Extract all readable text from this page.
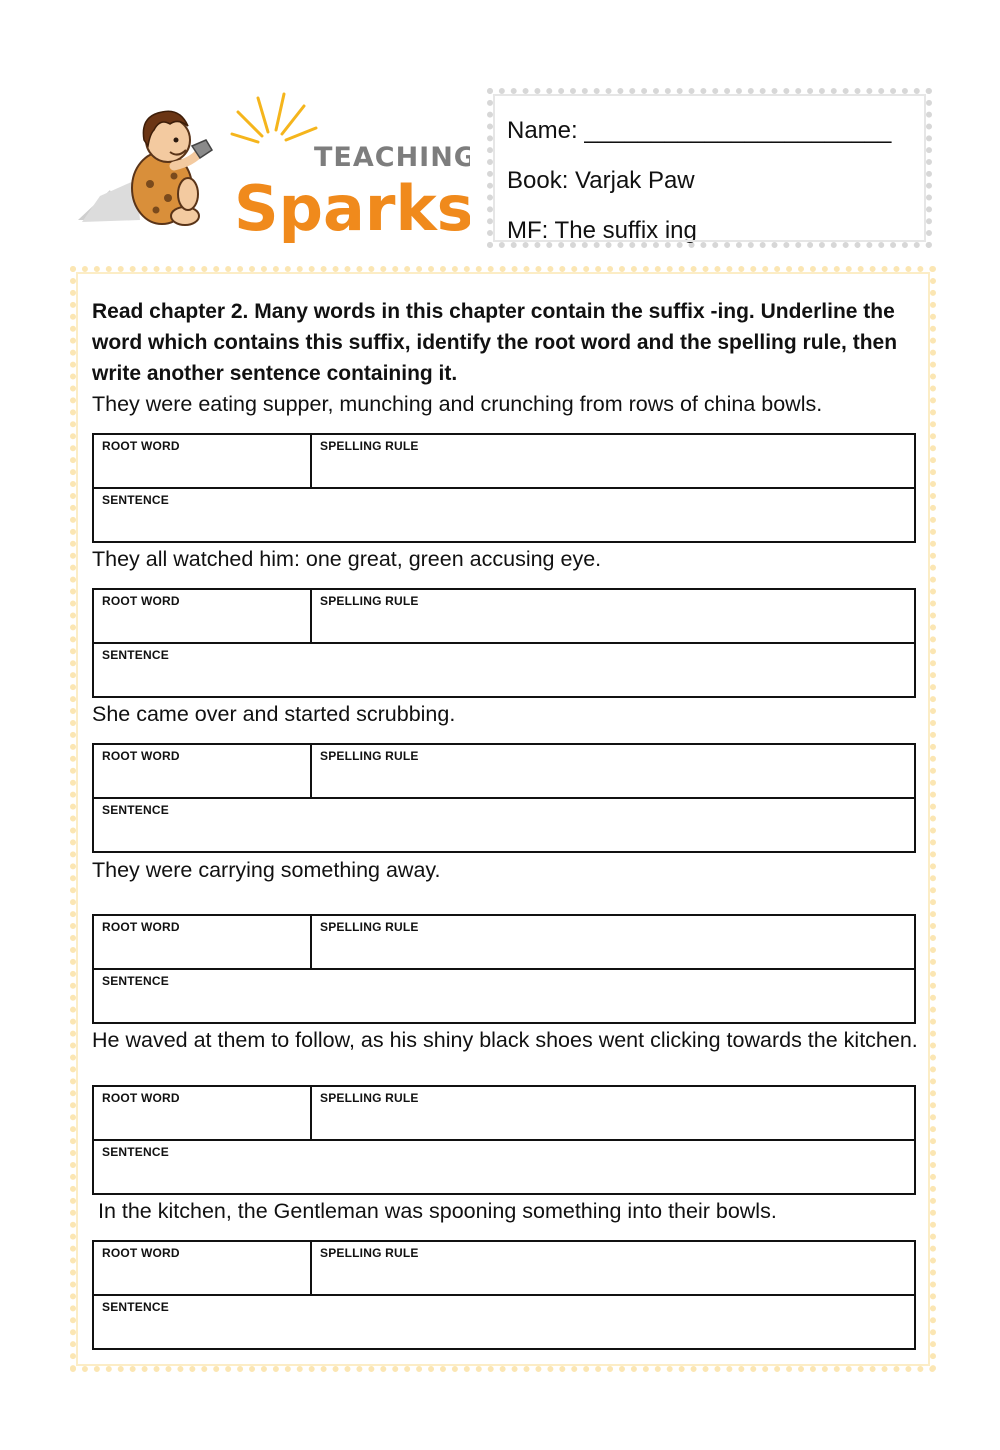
TEACHING
Sparks
Name: _______________________
Book: Varjak Paw
MF: The suffix ing
Read chapter 2. Many words in this chapter contain the suffix -ing. Underline the word which contains this suffix, identify the root word and the spelling rule, then write another sentence containing it.
They were eating supper, munching and crunching from rows of china bowls.
ROOT WORD	SPELLING RULE
SENTENCE
They all watched him: one great, green accusing eye.
ROOT WORD	SPELLING RULE
SENTENCE
She came over and started scrubbing.
ROOT WORD	SPELLING RULE
SENTENCE
They were carrying something away.
ROOT WORD	SPELLING RULE
SENTENCE
He waved at them to follow, as his shiny black shoes went clicking towards the kitchen.
ROOT WORD	SPELLING RULE
SENTENCE
In the kitchen, the Gentleman was spooning something into their bowls.
ROOT WORD	SPELLING RULE
SENTENCE
